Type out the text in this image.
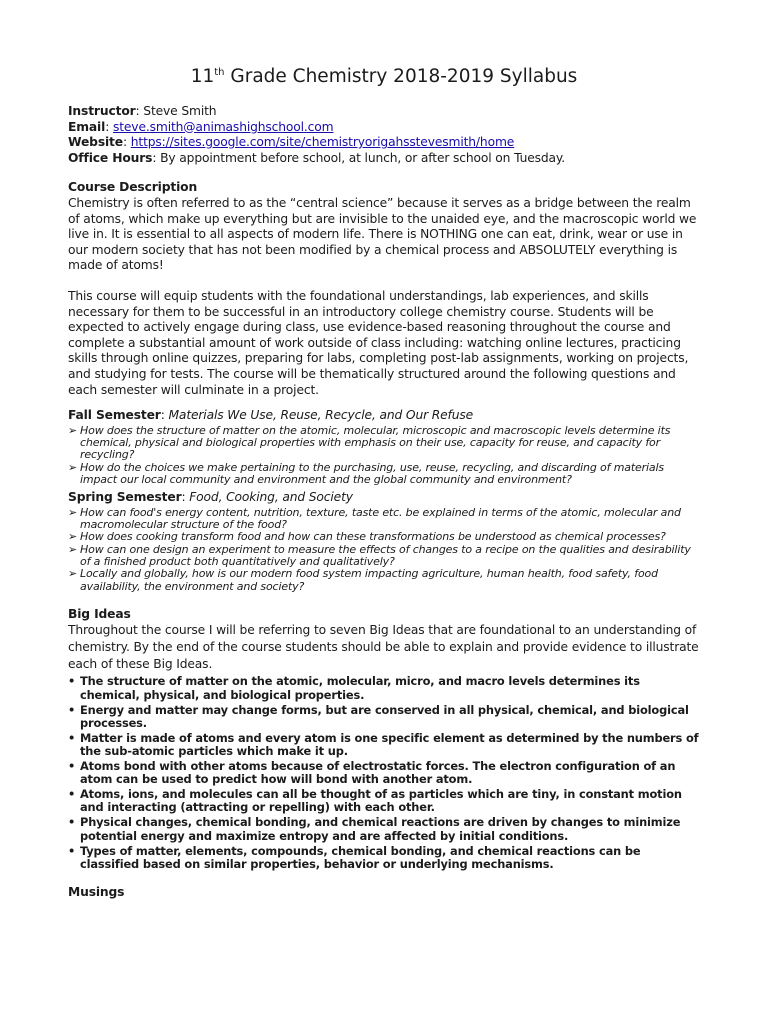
11th Grade Chemistry 2018-2019 Syllabus

Instructor: Steve Smith

Email: steve.smith@animashighschool.com

Website: https://sites.google.com/site/chemistryorigahsstevesmith/home

Office Hours: By appointment before school, at lunch, or after school on Tuesday.

Course Description

Chemistry is often referred to as the “central science” because it serves as a bridge between the realm of atoms, which make up everything but are invisible to the unaided eye, and the macroscopic world we live in. It is essential to all aspects of modern life. There is NOTHING one can eat, drink, wear or use in our modern society that has not been modified by a chemical process and ABSOLUTELY everything is made of atoms!

This course will equip students with the foundational understandings, lab experiences, and skills necessary for them to be successful in an introductory college chemistry course. Students will be expected to actively engage during class, use evidence-based reasoning throughout the course and complete a substantial amount of work outside of class including: watching online lectures, practicing skills through online quizzes, preparing for labs, completing post-lab assignments, working on projects, and studying for tests. The course will be thematically structured around the following questions and each semester will culminate in a project.

Fall Semester: Materials We Use, Reuse, Recycle, and Our Refuse
➢ How does the structure of matter on the atomic, molecular, microscopic and macroscopic levels determine its chemical, physical and biological properties with emphasis on their use, capacity for reuse, and capacity for recycling?
➢ How do the choices we make pertaining to the purchasing, use, reuse, recycling, and discarding of materials impact our local community and environment and the global community and environment?
Spring Semester: Food, Cooking, and Society
➢ How can food's energy content, nutrition, texture, taste etc. be explained in terms of the atomic, molecular and macromolecular structure of the food?
➢ How does cooking transform food and how can these transformations be understood as chemical processes?
➢ How can one design an experiment to measure the effects of changes to a recipe on the qualities and desirability of a finished product both quantitatively and qualitatively?
➢ Locally and globally, how is our modern food system impacting agriculture, human health, food safety, food availability, the environment and society?
Big Ideas

Throughout the course I will be referring to seven Big Ideas that are foundational to an understanding of chemistry. By the end of the course students should be able to explain and provide evidence to illustrate each of these Big Ideas.

• The structure of matter on the atomic, molecular, micro, and macro levels determines its chemical, physical, and biological properties.
• Energy and matter may change forms, but are conserved in all physical, chemical, and biological processes.
• Matter is made of atoms and every atom is one specific element as determined by the numbers of the sub-atomic particles which make it up.
• Atoms bond with other atoms because of electrostatic forces. The electron configuration of an atom can be used to predict how will bond with another atom.
• Atoms, ions, and molecules can all be thought of as particles which are tiny, in constant motion and interacting (attracting or repelling) with each other.
• Physical changes, chemical bonding, and chemical reactions are driven by changes to minimize potential energy and maximize entropy and are affected by initial conditions.
• Types of matter, elements, compounds, chemical bonding, and chemical reactions can be classified based on similar properties, behavior or underlying mechanisms.
Musings
